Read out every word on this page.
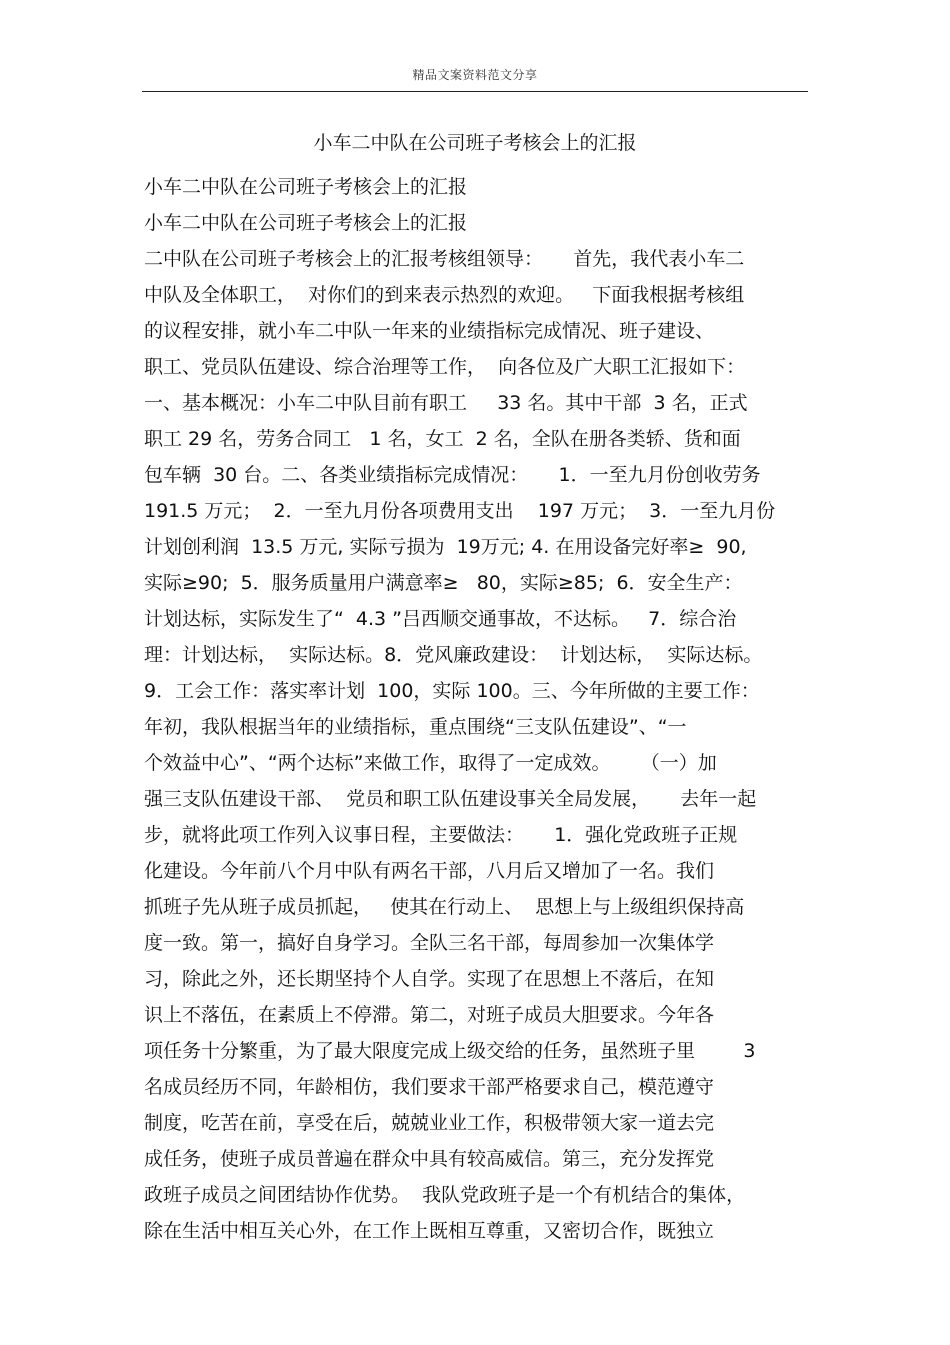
精品文案资料范文分享
小车二中队在公司班子考核会上的汇报
小车二中队在公司班子考核会上的汇报
小车二中队在公司班子考核会上的汇报
二中队在公司班子考核会上的汇报考核组领导：     首先，我代表小车二
中队及全体职工，  对你们的到来表示热烈的欢迎。   下面我根据考核组
的议程安排，就小车二中队一年来的业绩指标完成情况、班子建设、
职工、党员队伍建设、综合治理等工作，  向各位及广大职工汇报如下：
一、基本概况：小车二中队目前有职工     33 名。其中干部  3 名，正式
职工 29 名，劳务合同工   1 名，女工  2 名，全队在册各类轿、货和面
包车辆  30 台。二、各类业绩指标完成情况：     1．一至九月份创收劳务
191.5 万元；  2．一至九月份各项费用支出    197 万元；  3．一至九月份
计划创利润  13.5 万元, 实际亏损为  19万元; 4. 在用设备完好率≥  90,
实际≥90;  5．服务质量用户满意率≥   80，实际≥85;  6．安全生产：
计划达标，实际发生了“  4.3 ”吕西顺交通事故，不达标。   7．综合治
理：计划达标，  实际达标。8．党风廉政建设：  计划达标，  实际达标。
9．工会工作：落实率计划  100，实际 100。三、今年所做的主要工作：
年初，我队根据当年的业绩指标，重点围绕“三支队伍建设”、“一
个效益中心”、“两个达标”来做工作，取得了一定成效。     （一）加
强三支队伍建设干部、  党员和职工队伍建设事关全局发展，     去年一起
步，就将此项工作列入议事日程，主要做法：     1．强化党政班子正规
化建设。今年前八个月中队有两名干部，八月后又增加了一名。我们
抓班子先从班子成员抓起，   使其在行动上、  思想上与上级组织保持高
度一致。第一，搞好自身学习。全队三名干部，每周参加一次集体学
习，除此之外，还长期坚持个人自学。实现了在思想上不落后，在知
识上不落伍，在素质上不停滞。第二，对班子成员大胆要求。今年各
项任务十分繁重，为了最大限度完成上级交给的任务，虽然班子里        3
名成员经历不同，年龄相仿，我们要求干部严格要求自己，模范遵守
制度，吃苦在前，享受在后，兢兢业业工作，积极带领大家一道去完
成任务，使班子成员普遍在群众中具有较高威信。第三，充分发挥党
政班子成员之间团结协作优势。  我队党政班子是一个有机结合的集体，
除在生活中相互关心外，在工作上既相互尊重，又密切合作，既独立
